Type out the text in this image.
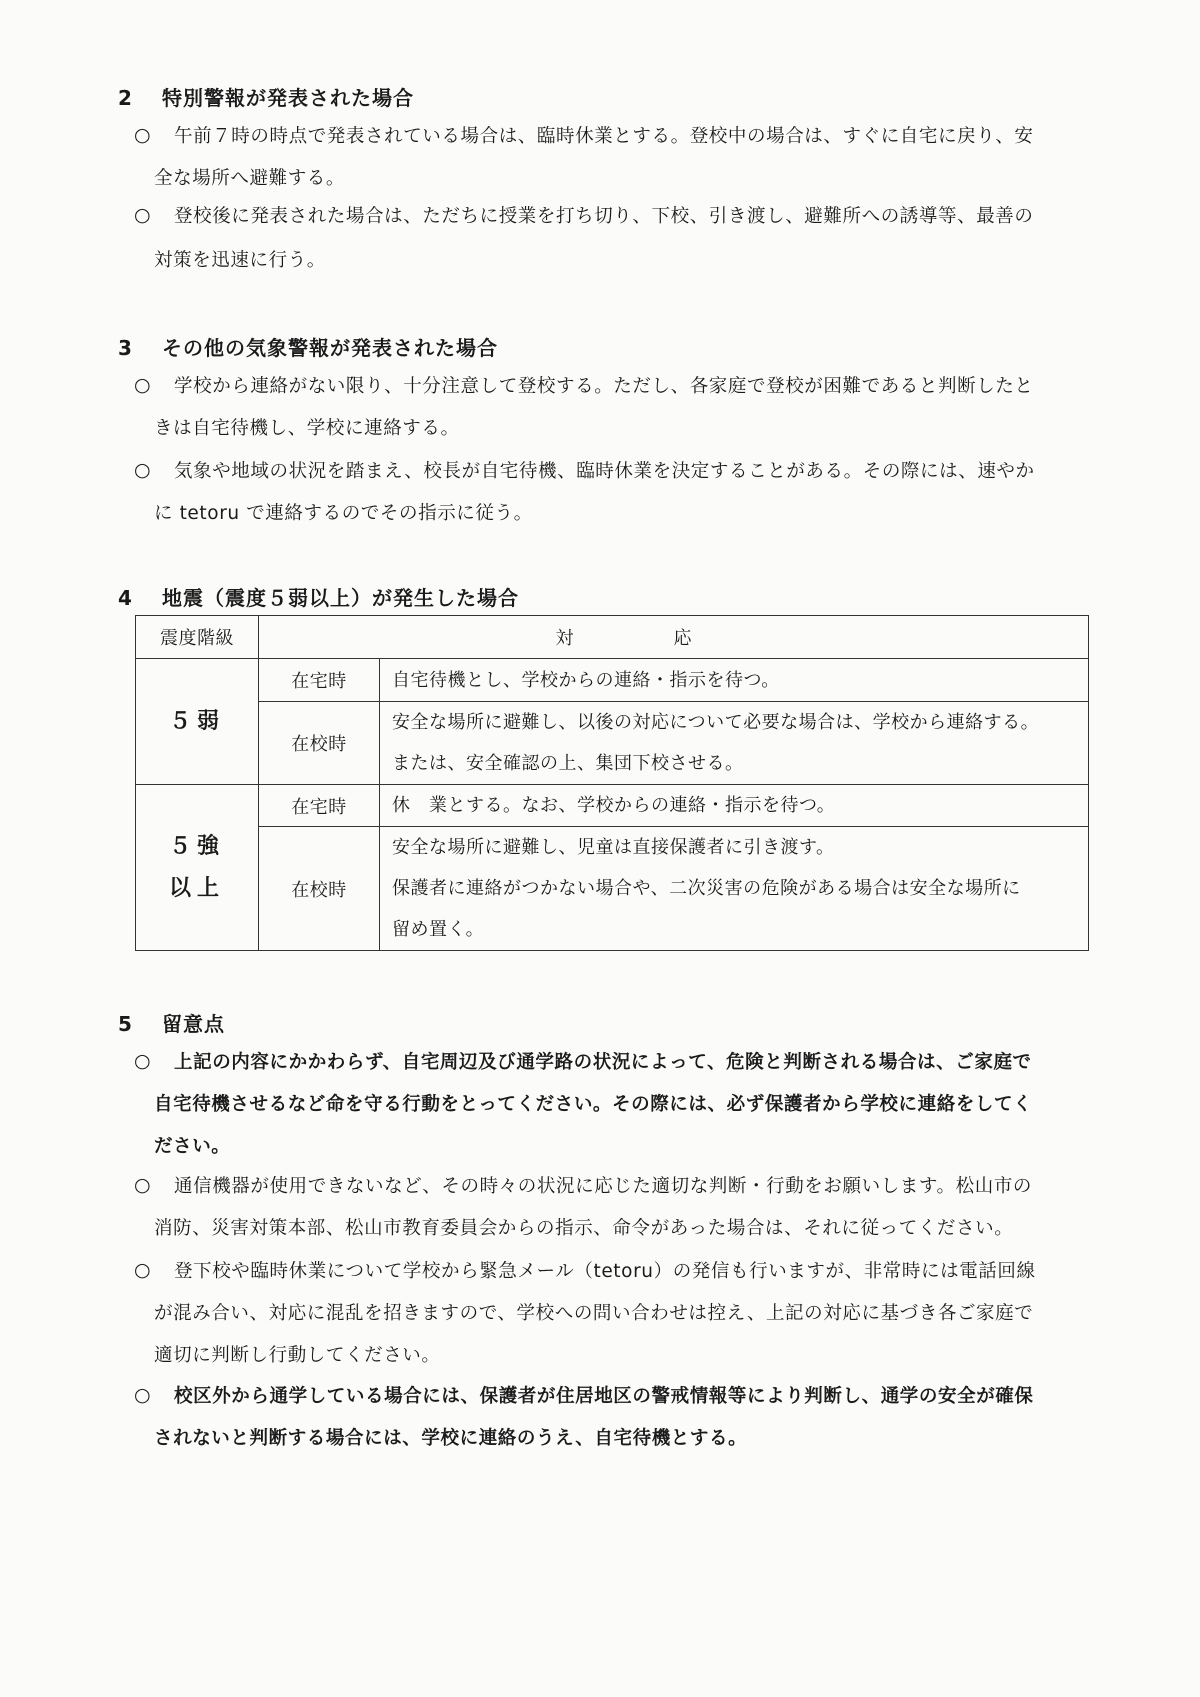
2 特別警報が発表された場合
○ 午前７時の時点で発表されている場合は、臨時休業とする。登校中の場合は、すぐに自宅に戻り、安
全な場所へ避難する。
○ 登校後に発表された場合は、ただちに授業を打ち切り、下校、引き渡し、避難所への誘導等、最善の
対策を迅速に行う。
3 その他の気象警報が発表された場合
○ 学校から連絡がない限り、十分注意して登校する。ただし、各家庭で登校が困難であると判断したと
きは自宅待機し、学校に連絡する。
○ 気象や地域の状況を踏まえ、校長が自宅待機、臨時休業を決定することがある。その際には、速やか
に tetoru で連絡するのでその指示に従う。
4 地震（震度５弱以上）が発生した場合
震度階級	対応	
５弱	在宅時	自宅待機とし、学校からの連絡・指示を待つ。
	在校時	安全な場所に避難し、以後の対応について必要な場合は、学校から連絡する。
または、安全確認の上、集団下校させる。

５強
以上	在宅時	休　業とする。なお、学校からの連絡・指示を待つ。
	在校時	安全な場所に避難し、児童は直接保護者に引き渡す。
保護者に連絡がつかない場合や、二次災害の危険がある場合は安全な場所に
留め置く。
5 留意点
○ 上記の内容にかかわらず、自宅周辺及び通学路の状況によって、危険と判断される場合は、ご家庭で
自宅待機させるなど命を守る行動をとってください。その際には、必ず保護者から学校に連絡をしてく
ださい。
○ 通信機器が使用できないなど、その時々の状況に応じた適切な判断・行動をお願いします。松山市の
消防、災害対策本部、松山市教育委員会からの指示、命令があった場合は、それに従ってください。
○ 登下校や臨時休業について学校から緊急メール（tetoru）の発信も行いますが、非常時には電話回線
が混み合い、対応に混乱を招きますので、学校への問い合わせは控え、上記の対応に基づき各ご家庭で
適切に判断し行動してください。
○ 校区外から通学している場合には、保護者が住居地区の警戒情報等により判断し、通学の安全が確保
されないと判断する場合には、学校に連絡のうえ、自宅待機とする。
